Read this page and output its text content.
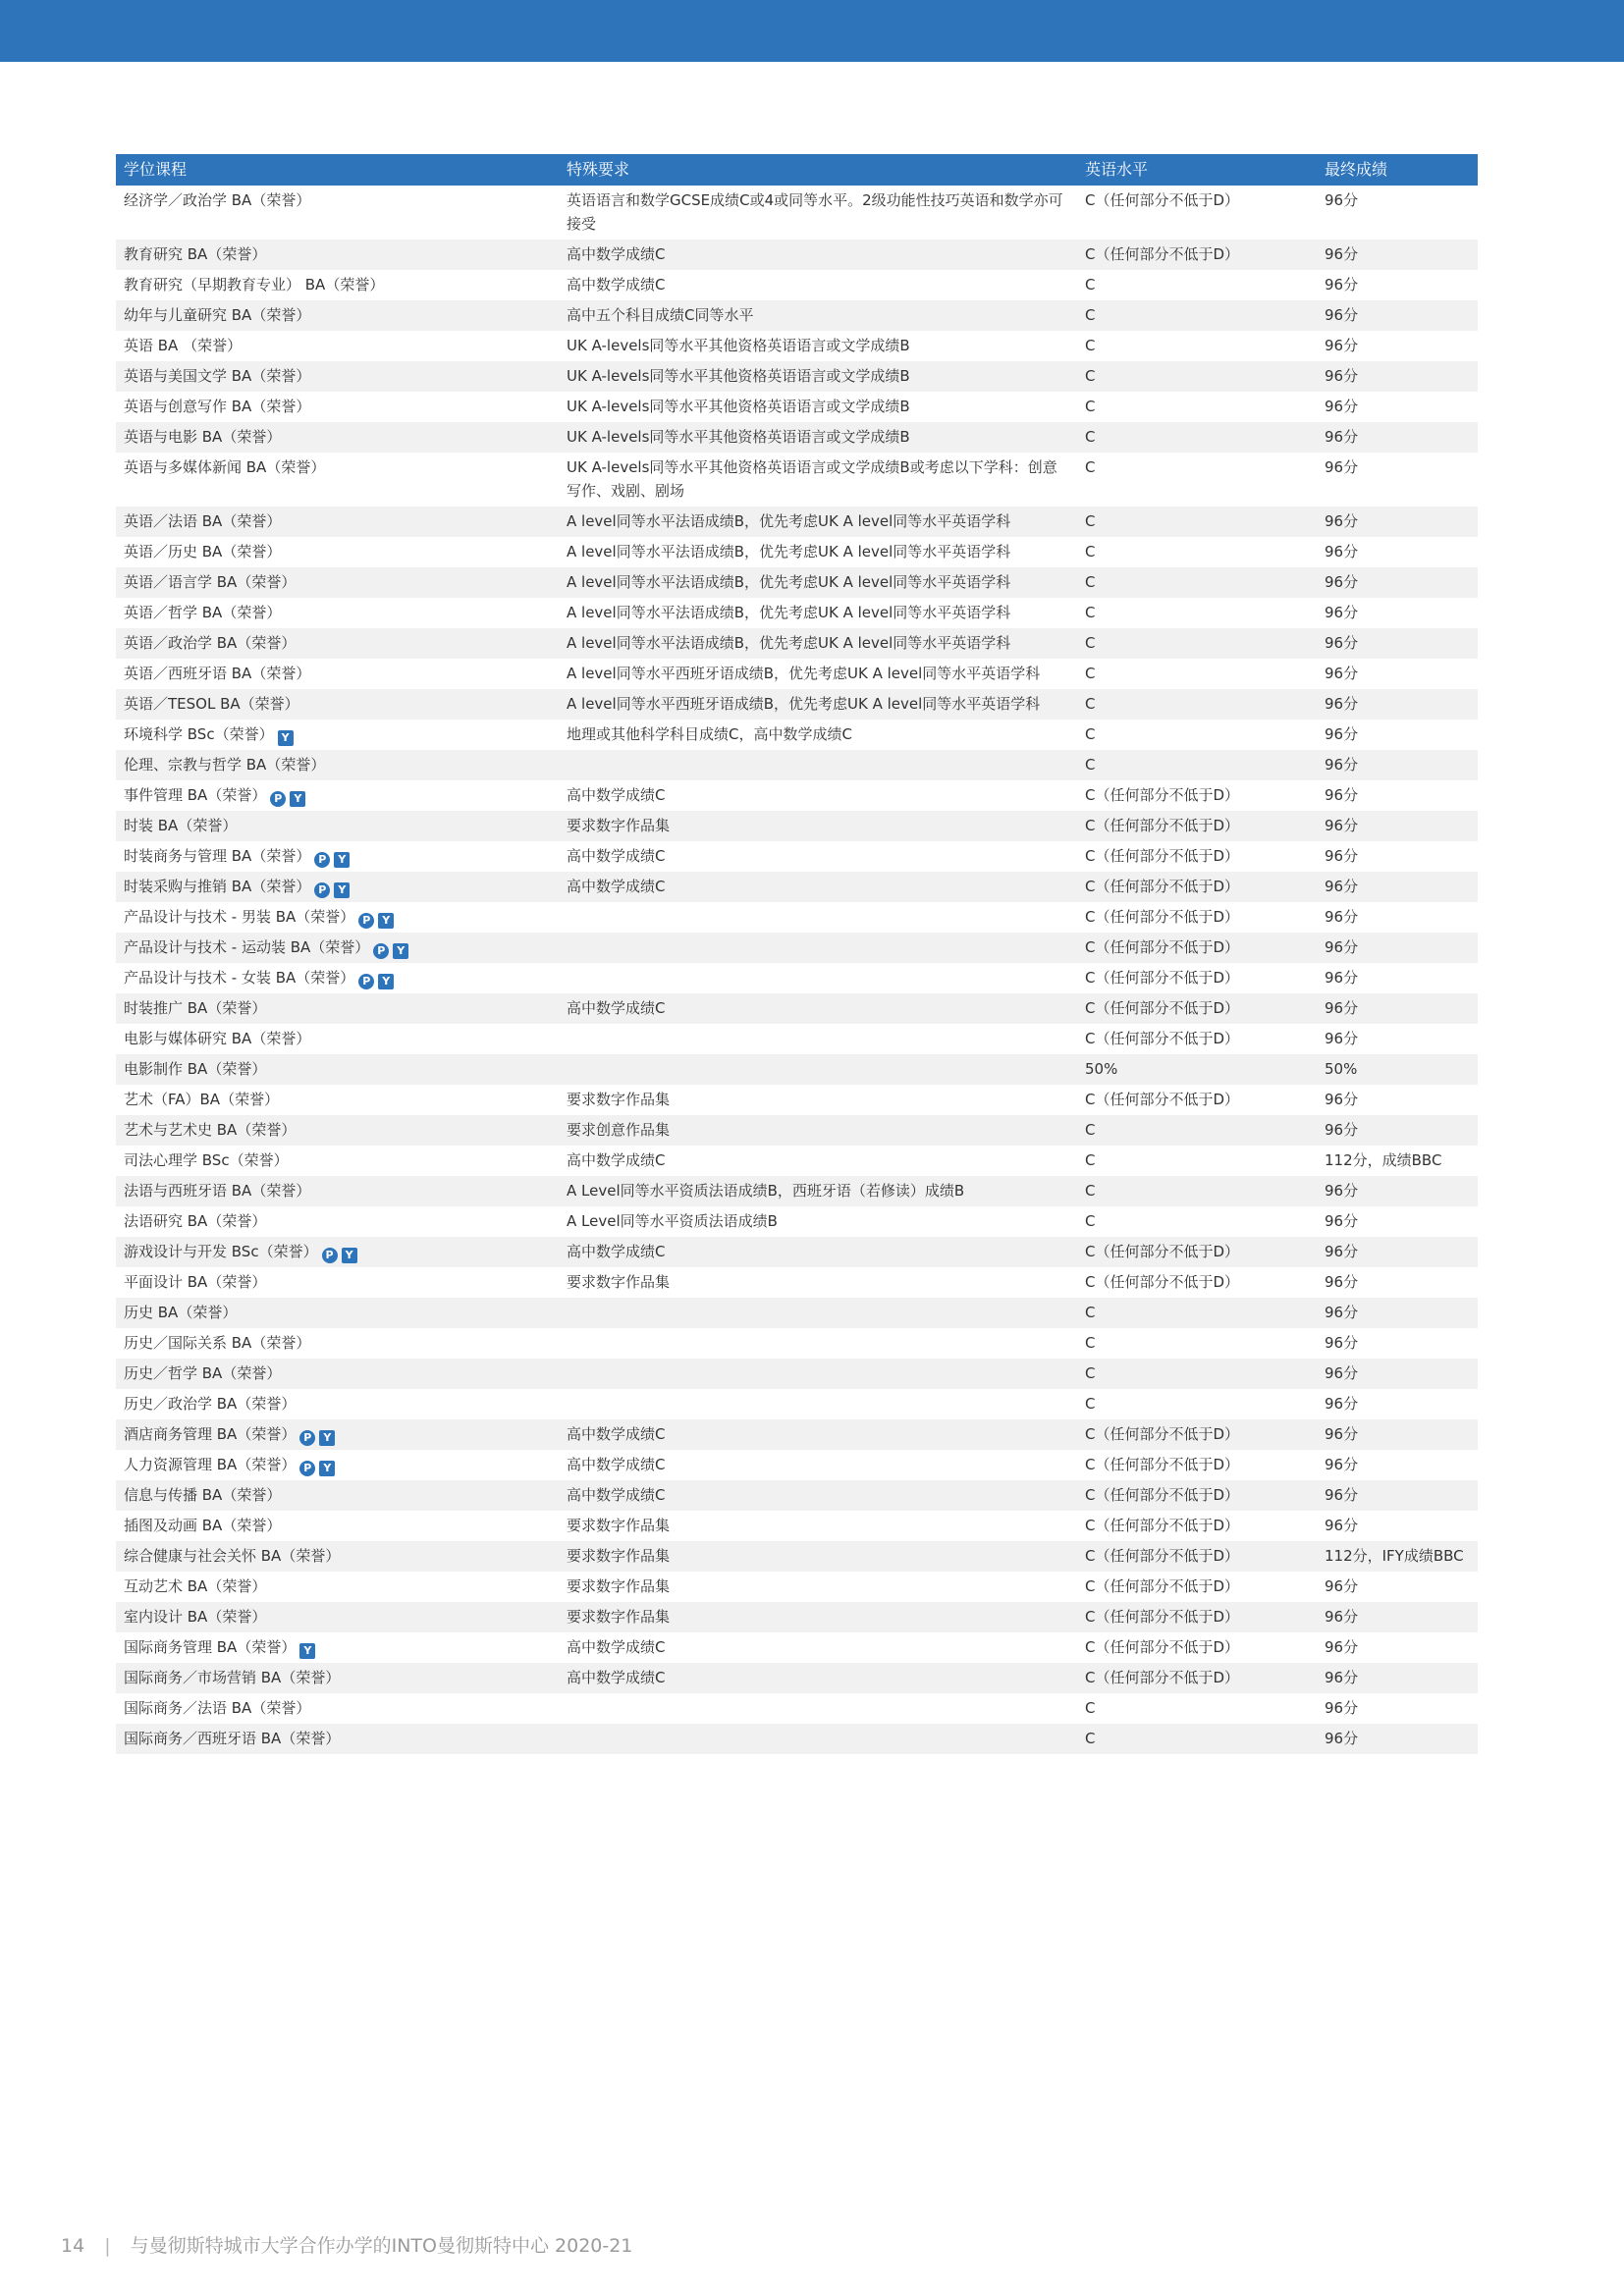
学位课程	特殊要求	英语水平	最终成绩
经济学／政治学 BA（荣誉）	英语语言和数学GCSE成绩C或4或同等水平。2级功能性技巧英语和数学亦可接受	C（任何部分不低于D）	96分
教育研究 BA（荣誉）	高中数学成绩C	C（任何部分不低于D）	96分
教育研究（早期教育专业） BA（荣誉）	高中数学成绩C	C	96分
幼年与儿童研究 BA（荣誉）	高中五个科目成绩C同等水平	C	96分
英语 BA （荣誉）	UK A-levels同等水平其他资格英语语言或文学成绩B	C	96分
英语与美国文学 BA（荣誉）	UK A-levels同等水平其他资格英语语言或文学成绩B	C	96分
英语与创意写作 BA（荣誉）	UK A-levels同等水平其他资格英语语言或文学成绩B	C	96分
英语与电影 BA（荣誉）	UK A-levels同等水平其他资格英语语言或文学成绩B	C	96分
英语与多媒体新闻 BA（荣誉）	UK A-levels同等水平其他资格英语语言或文学成绩B或考虑以下学科：创意写作、戏剧、剧场	C	96分
英语／法语 BA（荣誉）	A level同等水平法语成绩B，优先考虑UK A level同等水平英语学科	C	96分
英语／历史 BA（荣誉）	A level同等水平法语成绩B，优先考虑UK A level同等水平英语学科	C	96分
英语／语言学 BA（荣誉）	A level同等水平法语成绩B，优先考虑UK A level同等水平英语学科	C	96分
英语／哲学 BA（荣誉）	A level同等水平法语成绩B，优先考虑UK A level同等水平英语学科	C	96分
英语／政治学 BA（荣誉）	A level同等水平法语成绩B，优先考虑UK A level同等水平英语学科	C	96分
英语／西班牙语 BA（荣誉）	A level同等水平西班牙语成绩B，优先考虑UK A level同等水平英语学科	C	96分
英语／TESOL BA（荣誉）	A level同等水平西班牙语成绩B，优先考虑UK A level同等水平英语学科	C	96分
环境科学 BSc（荣誉） Y	地理或其他科学科目成绩C，高中数学成绩C	C	96分
伦理、宗教与哲学 BA（荣誉）		C	96分
事件管理 BA（荣誉） P Y	高中数学成绩C	C（任何部分不低于D）	96分
时装 BA（荣誉）	要求数字作品集	C（任何部分不低于D）	96分
时装商务与管理 BA（荣誉） P Y	高中数学成绩C	C（任何部分不低于D）	96分
时装采购与推销 BA（荣誉） P Y	高中数学成绩C	C（任何部分不低于D）	96分
产品设计与技术 - 男装 BA（荣誉） P Y		C（任何部分不低于D）	96分
产品设计与技术 - 运动装 BA（荣誉） P Y		C（任何部分不低于D）	96分
产品设计与技术 - 女装 BA（荣誉） P Y		C（任何部分不低于D）	96分
时装推广 BA（荣誉）	高中数学成绩C	C（任何部分不低于D）	96分
电影与媒体研究 BA（荣誉）		C（任何部分不低于D）	96分
电影制作 BA（荣誉）		50%	50%
艺术（FA）BA（荣誉）	要求数字作品集	C（任何部分不低于D）	96分
艺术与艺术史 BA（荣誉）	要求创意作品集	C	96分
司法心理学 BSc（荣誉）	高中数学成绩C	C	112分，成绩BBC
法语与西班牙语 BA（荣誉）	A Level同等水平资质法语成绩B，西班牙语（若修读）成绩B	C	96分
法语研究 BA（荣誉）	A Level同等水平资质法语成绩B	C	96分
游戏设计与开发 BSc（荣誉） P Y	高中数学成绩C	C（任何部分不低于D）	96分
平面设计 BA（荣誉）	要求数字作品集	C（任何部分不低于D）	96分
历史 BA（荣誉）		C	96分
历史／国际关系 BA（荣誉）		C	96分
历史／哲学 BA（荣誉）		C	96分
历史／政治学 BA（荣誉）		C	96分
酒店商务管理 BA（荣誉） P Y	高中数学成绩C	C（任何部分不低于D）	96分
人力资源管理 BA（荣誉） P Y	高中数学成绩C	C（任何部分不低于D）	96分
信息与传播 BA（荣誉）	高中数学成绩C	C（任何部分不低于D）	96分
插图及动画 BA（荣誉）	要求数字作品集	C（任何部分不低于D）	96分
综合健康与社会关怀 BA（荣誉）	要求数字作品集	C（任何部分不低于D）	112分，IFY成绩BBC
互动艺术 BA（荣誉）	要求数字作品集	C（任何部分不低于D）	96分
室内设计 BA（荣誉）	要求数字作品集	C（任何部分不低于D）	96分
国际商务管理 BA（荣誉） Y	高中数学成绩C	C（任何部分不低于D）	96分
国际商务／市场营销 BA（荣誉）	高中数学成绩C	C（任何部分不低于D）	96分
国际商务／法语 BA（荣誉）		C	96分
国际商务／西班牙语 BA（荣誉）		C	96分
14 | 与曼彻斯特城市大学合作办学的INTO曼彻斯特中心 2020-21
